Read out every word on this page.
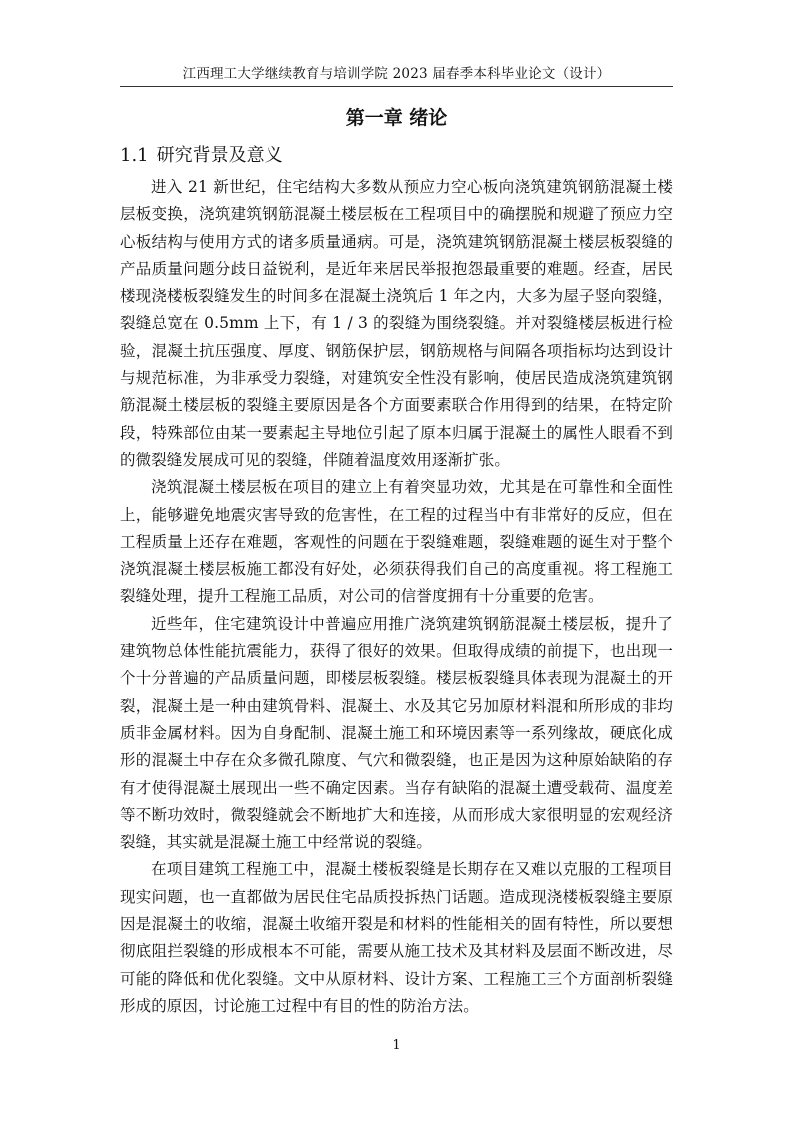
江西理工大学继续教育与培训学院 2023 届春季本科毕业论文（设计）
第一章 绪论
1.1 研究背景及意义

进入 21 新世纪，住宅结构大多数从预应力空心板向浇筑建筑钢筋混凝土楼层板变换，浇筑建筑钢筋混凝土楼层板在工程项目中的确摆脱和规避了预应力空心板结构与使用方式的诸多质量通病。可是，浇筑建筑钢筋混凝土楼层板裂缝的产品质量问题分歧日益锐利，是近年来居民举报抱怨最重要的难题。经查，居民楼现浇楼板裂缝发生的时间多在混凝土浇筑后 1 年之内，大多为屋子竖向裂缝，裂缝总宽在 0.5mm 上下，有 1 / 3 的裂缝为围绕裂缝。并对裂缝楼层板进行检验，混凝土抗压强度、厚度、钢筋保护层，钢筋规格与间隔各项指标均达到设计与规范标准，为非承受力裂缝，对建筑安全性没有影响，使居民造成浇筑建筑钢筋混凝土楼层板的裂缝主要原因是各个方面要素联合作用得到的结果，在特定阶段，特殊部位由某一要素起主导地位引起了原本归属于混凝土的属性人眼看不到的微裂缝发展成可见的裂缝，伴随着温度效用逐渐扩张。

浇筑混凝土楼层板在项目的建立上有着突显功效，尤其是在可靠性和全面性上，能够避免地震灾害导致的危害性，在工程的过程当中有非常好的反应，但在工程质量上还存在难题，客观性的问题在于裂缝难题，裂缝难题的诞生对于整个浇筑混凝土楼层板施工都没有好处，必须获得我们自己的高度重视。将工程施工裂缝处理，提升工程施工品质，对公司的信誉度拥有十分重要的危害。

近些年，住宅建筑设计中普遍应用推广浇筑建筑钢筋混凝土楼层板，提升了建筑物总体性能抗震能力，获得了很好的效果。但取得成绩的前提下，也出现一个十分普遍的产品质量问题，即楼层板裂缝。楼层板裂缝具体表现为混凝土的开裂，混凝土是一种由建筑骨料、混凝土、水及其它另加原材料混和所形成的非均质非金属材料。因为自身配制、混凝土施工和环境因素等一系列缘故，硬底化成形的混凝土中存在众多微孔隙度、气穴和微裂缝，也正是因为这种原始缺陷的存有才使得混凝土展现出一些不确定因素。当存有缺陷的混凝土遭受载荷、温度差等不断功效时，微裂缝就会不断地扩大和连接，从而形成大家很明显的宏观经济裂缝，其实就是混凝土施工中经常说的裂缝。

在项目建筑工程施工中，混凝土楼板裂缝是长期存在又难以克服的工程项目现实问题，也一直都做为居民住宅品质投拆热门话题。造成现浇楼板裂缝主要原因是混凝土的收缩，混凝土收缩开裂是和材料的性能相关的固有特性，所以要想彻底阻拦裂缝的形成根本不可能，需要从施工技术及其材料及层面不断改进，尽可能的降低和优化裂缝。文中从原材料、设计方案、工程施工三个方面剖析裂缝形成的原因，讨论施工过程中有目的性的防治方法。

1
